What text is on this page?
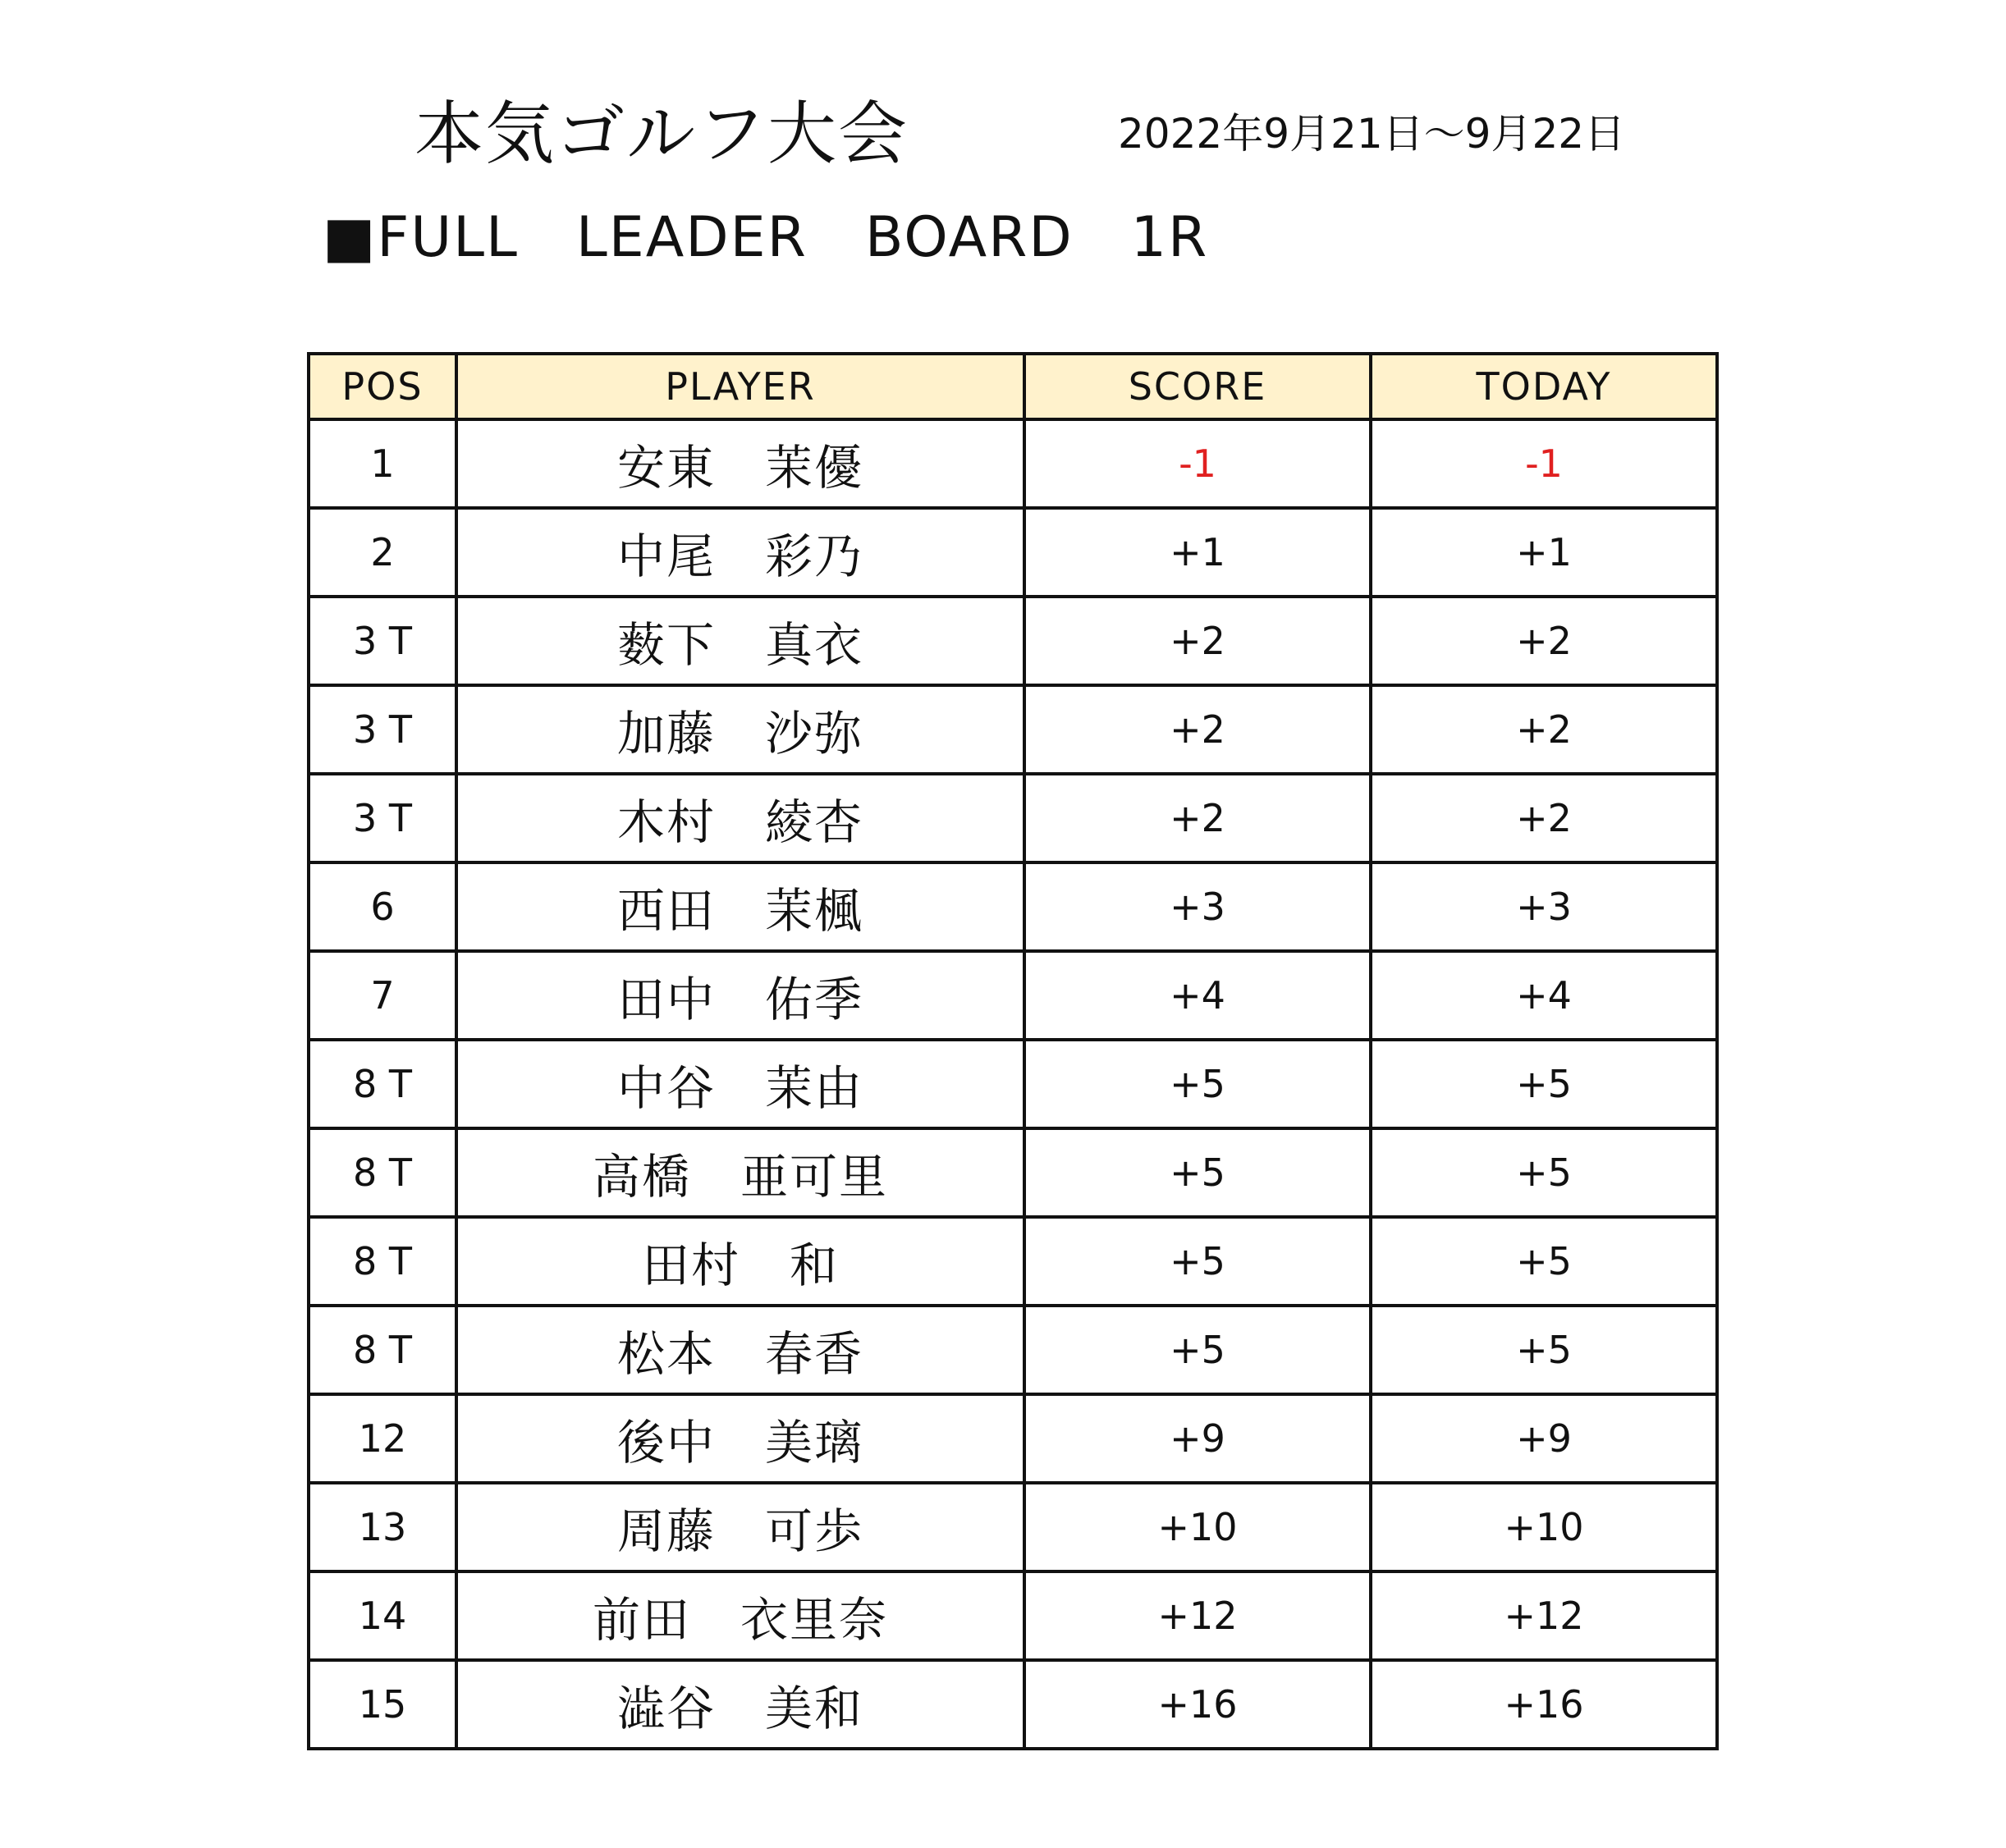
本気ゴルフ大会	2022年9月21日～9月22日
■FULL　LEADER　BOARD　1R
POS	PLAYER	SCORE	TODAY
1	安東　茉優	-1	-1
2	中尾　彩乃	+1	+1
3 T	薮下　真衣	+2	+2
3 T	加藤　沙弥	+2	+2
3 T	木村　綾杏	+2	+2
6	西田　茉楓	+3	+3
7	田中　佑季	+4	+4
8 T	中谷　茉由	+5	+5
8 T	高橋　亜可里	+5	+5
8 T	田村　和	+5	+5
8 T	松本　春香	+5	+5
12	後中　美璃	+9	+9
13	周藤　可歩	+10	+10
14	前田　衣里奈	+12	+12
15	澁谷　美和	+16	+16
